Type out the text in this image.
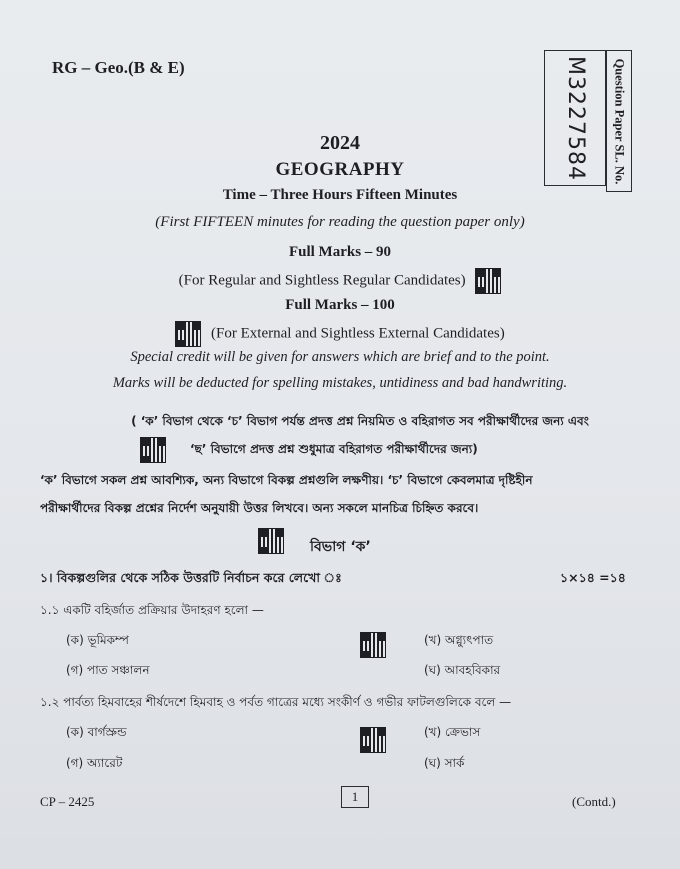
RG – Geo.(B & E)	M3227584 Question Paper SL. No.
2024
GEOGRAPHY
Time – Three Hours Fifteen Minutes
(First FIFTEEN minutes for reading the question paper only)
Full Marks – 90
(For Regular and Sightless Regular Candidates)
Full Marks – 100
(For External and Sightless External Candidates)
Special credit will be given for answers which are brief and to the point.
Marks will be deducted for spelling mistakes, untidiness and bad handwriting.
( ‘ক’ বিভাগ থেকে ‘চ’ বিভাগ পর্যন্ত প্রদত্ত প্রশ্ন নিয়মিত ও বহিরাগত সব পরীক্ষার্থীদের জন্য এবং
‘ছ’ বিভাগে প্রদত্ত প্রশ্ন শুধুমাত্র বহিরাগত পরীক্ষার্থীদের জন্য)
‘ক’ বিভাগে সকল প্রশ্ন আবশ্যিক, অন্য বিভাগে বিকল্প প্রশ্নগুলি লক্ষণীয়। ‘চ’ বিভাগে কেবলমাত্র দৃষ্টিহীন
পরীক্ষার্থীদের বিকল্প প্রশ্নের নির্দেশ অনুযায়ী উত্তর লিখবে। অন্য সকলে মানচিত্র চিহ্নিত করবে।
বিভাগ ‘ক’
১। বিকল্পগুলির থেকে সঠিক উত্তরটি নির্বাচন করে লেখো ঃ	১×১৪ =১৪
১.১ একটি বহির্জাত প্রক্রিয়ার উদাহরণ হলো —
(ক) ভূমিকম্প	(খ) অগ্ন্যুৎপাত
(গ) পাত সঞ্চালন	(ঘ) আবহবিকার
১.২ পার্বত্য হিমবাহের শীর্ষদেশে হিমবাহ ও পর্বত গাত্রের মধ্যে সংকীর্ণ ও গভীর ফাটলগুলিকে বলে —
(ক) বার্গস্রুন্ড	(খ) ক্রেভাস
(গ) অ্যারেট	(ঘ) সার্ক
CP – 2425	1	(Contd.)
